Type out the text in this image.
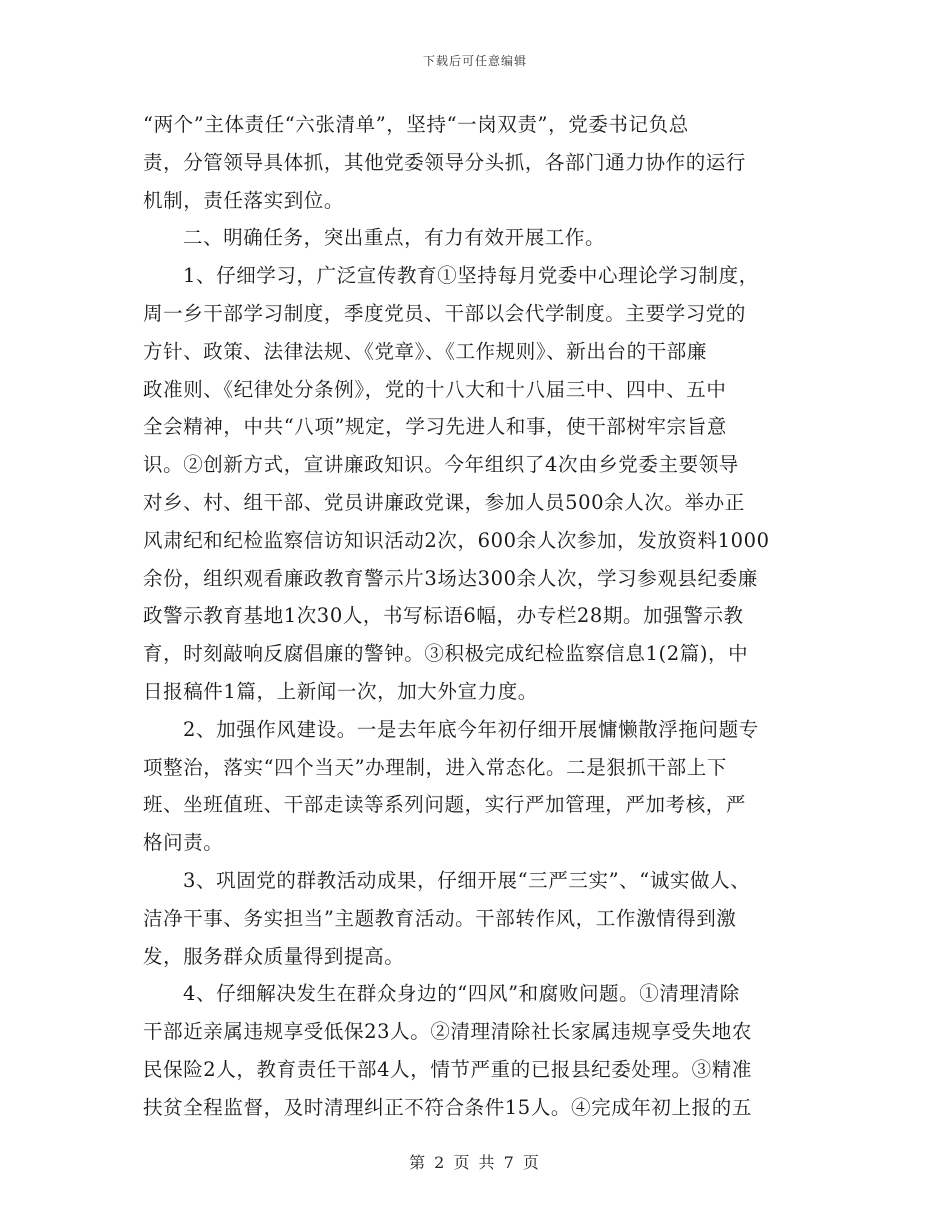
下载后可任意编辑

“两个”主体责任“六张清单”，坚持“一岗双责”，党委书记负总
责，分管领导具体抓，其他党委领导分头抓，各部门通力协作的运行
机制，责任落实到位。

二、明确任务，突出重点，有力有效开展工作。

1、仔细学习，广泛宣传教育①坚持每月党委中心理论学习制度，
周一乡干部学习制度，季度党员、干部以会代学制度。主要学习党的
方针、政策、法律法规、《党章》、《工作规则》、新出台的干部廉
政准则、《纪律处分条例》，党的十八大和十八届三中、四中、五中
全会精神，中共“八项”规定，学习先进人和事，使干部树牢宗旨意
识。②创新方式，宣讲廉政知识。今年组织了4次由乡党委主要领导
对乡、村、组干部、党员讲廉政党课，参加人员500余人次。举办正
风肃纪和纪检监察信访知识活动2次，600余人次参加，发放资料1000
余份，组织观看廉政教育警示片3场达300余人次，学习参观县纪委廉
政警示教育基地1次30人，书写标语6幅，办专栏28期。加强警示教
育，时刻敲响反腐倡廉的警钟。③积极完成纪检监察信息1(2篇)，中
日报稿件1篇，上新闻一次，加大外宣力度。

2、加强作风建设。一是去年底今年初仔细开展慵懒散浮拖问题专
项整治，落实“四个当天”办理制，进入常态化。二是狠抓干部上下
班、坐班值班、干部走读等系列问题，实行严加管理，严加考核，严
格问责。

3、巩固党的群教活动成果，仔细开展“三严三实”、“诚实做人、
洁净干事、务实担当”主题教育活动。干部转作风，工作激情得到激
发，服务群众质量得到提高。

4、仔细解决发生在群众身边的“四风”和腐败问题。①清理清除
干部近亲属违规享受低保23人。②清理清除社长家属违规享受失地农
民保险2人，教育责任干部4人，情节严重的已报县纪委处理。③精准
扶贫全程监督，及时清理纠正不符合条件15人。④完成年初上报的五

第 2 页 共 7 页
